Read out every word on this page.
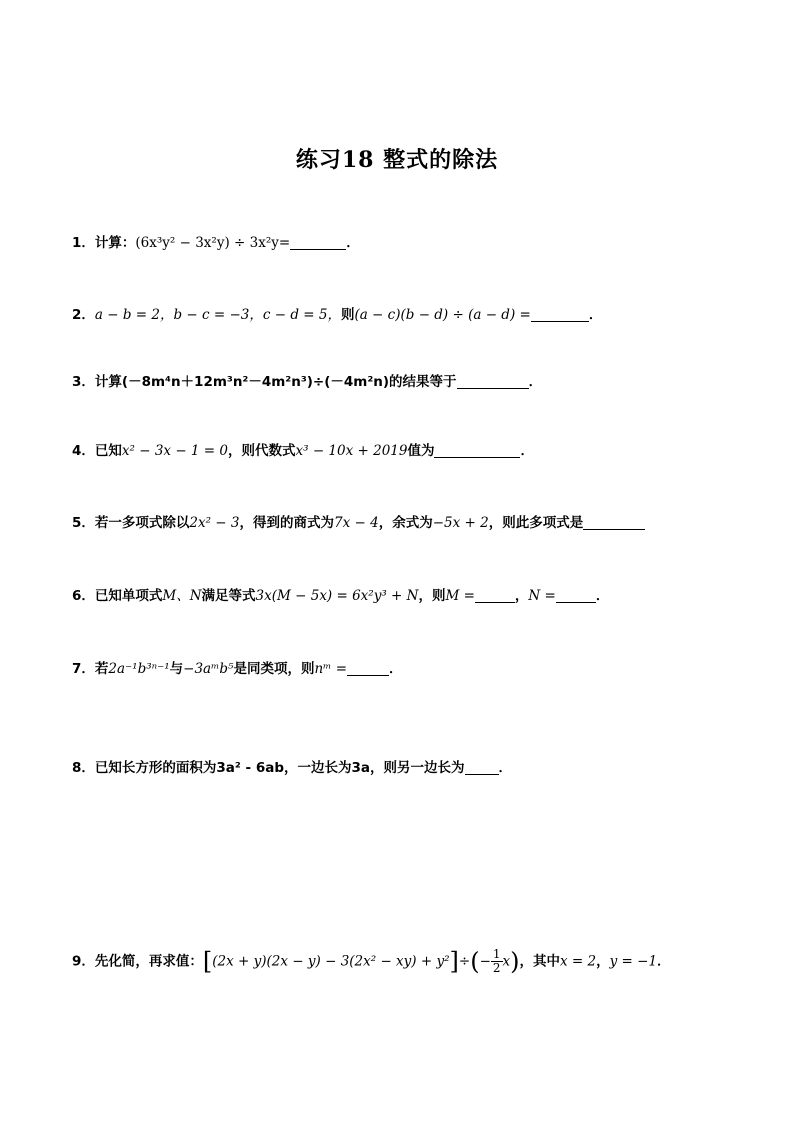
练习18 整式的除法
1．计算：(6x³y² − 3x²y) ÷ 3x²y=	．
2．a − b = 2，b − c = −3，c − d = 5，则(a − c)(b − d) ÷ (a − d) =	．
3．计算(－8m⁴n＋12m³n²－4m²n³)÷(－4m²n)的结果等于	．
4．已知x² − 3x − 1 = 0，则代数式x³ − 10x + 2019值为	．
5．若一多项式除以2x² − 3，得到的商式为7x − 4，余式为−5x + 2，则此多项式是
6．已知单项式M、N满足等式3x(M − 5x) = 6x²y³ + N，则M =	，N =	．
7．若2a⁻¹b³ⁿ⁻¹与−3aᵐb⁵是同类项，则nᵐ =	．
8．已知长方形的面积为3a² - 6ab，一边长为3a，则另一边长为	．
9．先化简，再求值：$[(2x + y)(2x - y) - 3(2x^2 - xy) + y^2]\div(- \frac{1}{2} x)$，其中x = 2，y = −1．
